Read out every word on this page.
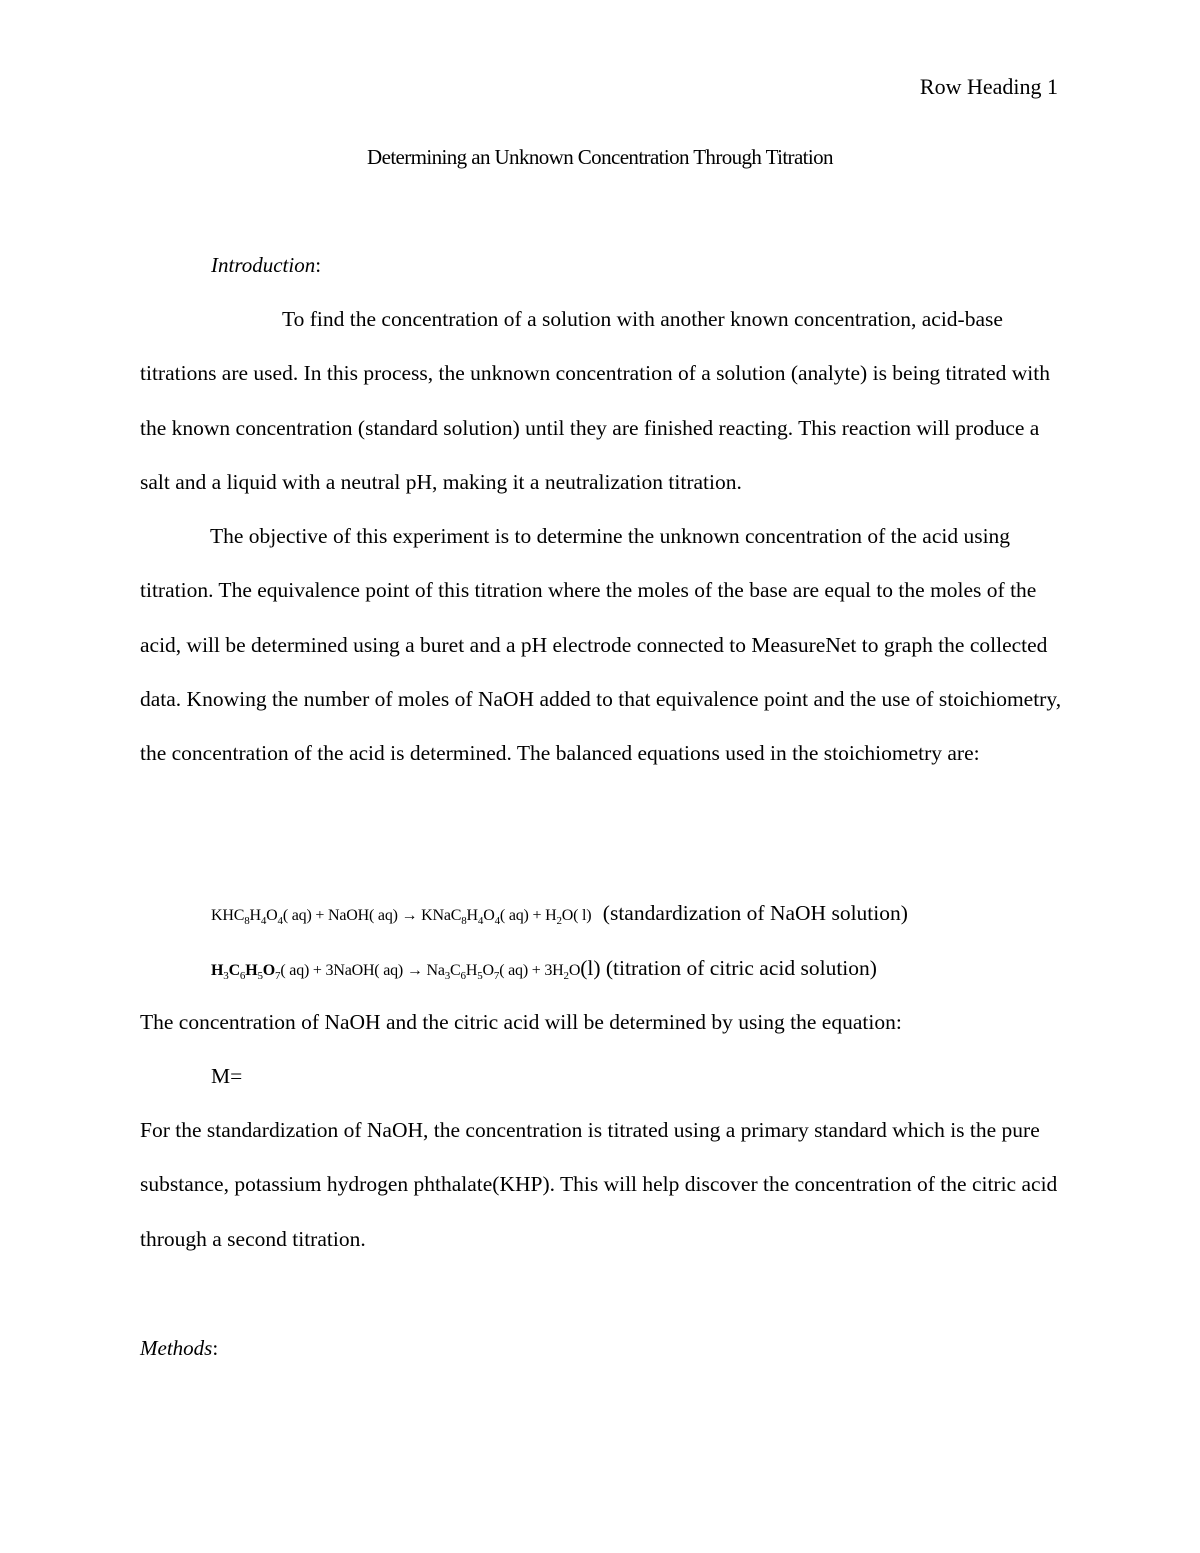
Row Heading 1
Determining an Unknown Concentration Through Titration
Introduction:

To find the concentration of a solution with another known concentration, acid-base titrations are used. In this process, the unknown concentration of a solution (analyte) is being titrated with the known concentration (standard solution) until they are finished reacting. This reaction will produce a salt and a liquid with a neutral pH, making it a neutralization titration.

The objective of this experiment is to determine the unknown concentration of the acid using titration. The equivalence point of this titration where the moles of the base are equal to the moles of the acid, will be determined using a buret and a pH electrode connected to MeasureNet to graph the collected data. Knowing the number of moles of NaOH added to that equivalence point and the use of stoichiometry, the concentration of the acid is determined. The balanced equations used in the stoichiometry are:

$KHC_8H_4O_4$( aq) + NaOH( $aq) \to KNaC_8H_4O_4$( $aq) + H_2O$( l) (standardization of NaOH solution)
$H_3C_6H_5O_7$( aq) + 3NaOH( $aq) \to Na_3C_6H_5O_7$( $aq) + 3H_2O(l)$ (titration of citric acid solution)
The concentration of NaOH and the citric acid will be determined by using the equation:
M=

For the standardization of NaOH, the concentration is titrated using a primary standard which is the pure substance, potassium hydrogen phthalate(KHP). This will help discover the concentration of the citric acid through a second titration.

Methods:
